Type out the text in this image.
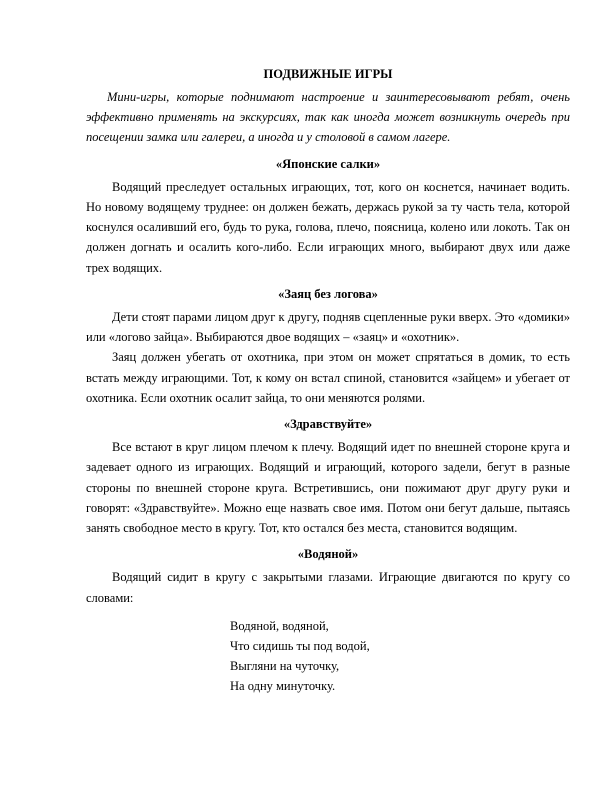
ПОДВИЖНЫЕ ИГРЫ

Мини-игры, которые поднимают настроение и заинтересовывают ребят, очень эффективно применять на экскурсиях, так как иногда может возникнуть очередь при посещении замка или галереи, а иногда и у столовой в самом лагере.

«Японские салки»

Водящий преследует остальных играющих, тот, кого он коснется, начинает водить. Но новому водящему труднее: он должен бежать, держась рукой за ту часть тела, которой коснулся осаливший его, будь то рука, голова, плечо, поясница, колено или локоть. Так он должен догнать и осалить кого-либо. Если играющих много, выбирают двух или даже трех водящих.

«Заяц без логова»

Дети стоят парами лицом друг к другу, подняв сцепленные руки вверх. Это «домики» или «логово зайца». Выбираются двое водящих – «заяц» и «охотник».

Заяц должен убегать от охотника, при этом он может спрятаться в домик, то есть встать между играющими. Тот, к кому он встал спиной, становится «зайцем» и убегает от охотника. Если охотник осалит зайца, то они меняются ролями.

«Здравствуйте»

Все встают в круг лицом плечом к плечу. Водящий идет по внешней стороне круга и задевает одного из играющих. Водящий и играющий, которого задели, бегут в разные стороны по внешней стороне круга. Встретившись, они пожимают друг другу руки и говорят: «Здравствуйте». Можно еще назвать свое имя. Потом они бегут дальше, пытаясь занять свободное место в кругу. Тот, кто остался без места, становится водящим.

«Водяной»

Водящий сидит в кругу с закрытыми глазами. Играющие двигаются по кругу со словами:

Водяной, водяной,
Что сидишь ты под водой,
Выгляни на чуточку,
На одну минуточку.
